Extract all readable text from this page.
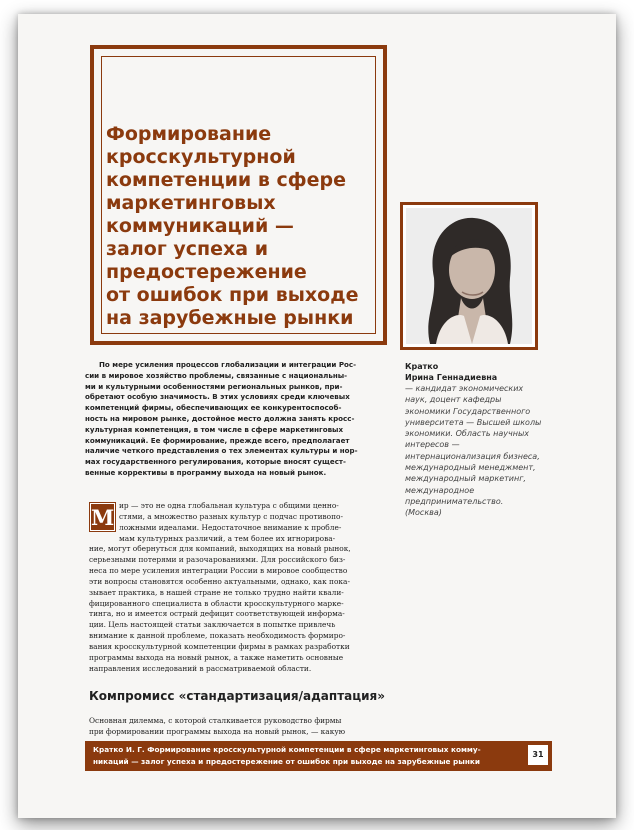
Формирование
кросскультурной
компетенции в сфере
маркетинговых
коммуникаций —
залог успеха и
предостережение
от ошибок при выходе
на зарубежные рынки
По мере усиления процессов глобализации и интеграции Рос-
сии в мировое хозяйство проблемы, связанные с национальны-
ми и культурными особенностями региональных рынков, при-
обретают особую значимость. В этих условиях среди ключевых
компетенций фирмы, обеспечивающих ее конкурентоспособ-
ность на мировом рынке, достойное место должна занять кросс-
культурная компетенция, в том числе в сфере маркетинговых
коммуникаций. Ее формирование, прежде всего, предполагает
наличие четкого представления о тех элементах культуры и нор-
мах государственного регулирования, которые вносят сущест-
венные коррективы в программу выхода на новый рынок.
Кратко
Ирина Геннадиевна
— кандидат экономических
наук, доцент кафедры
экономики Государственного
университета — Высшей школы
экономики. Область научных
интересов —
интернационализация бизнеса,
международный менеджмент,
международный маркетинг,
международное
предпринимательство.
(Москва)
М ир — это не одна глобальная культура с общими ценно-
стями, а множество разных культур с подчас противопо-
ложными идеалами. Недостаточное внимание к пробле-
мам культурных различий, а тем более их игнорирова-
ние, могут обернуться для компаний, выходящих на новый рынок,
серьезными потерями и разочарованиями. Для российского биз-
неса по мере усиления интеграции России в мировое сообщество
эти вопросы становятся особенно актуальными, однако, как пока-
зывает практика, в нашей стране не только трудно найти квали-
фицированного специалиста в области кросскультурного марке-
тинга, но и имеется острый дефицит соответствующей информа-
ции. Цель настоящей статьи заключается в попытке привлечь
внимание к данной проблеме, показать необходимость формиро-
вания кросскультурной компетенции фирмы в рамках разработки
программы выхода на новый рынок, а также наметить основные
направления исследований в рассматриваемой области.
Компромисс «стандартизация/адаптация»
Основная дилемма, с которой сталкивается руководство фирмы
при формировании программы выхода на новый рынок, — какую
Кратко И. Г. Формирование кросскультурной компетенции в сфере маркетинговых комму-
никаций — залог успеха и предостережение от ошибок при выходе на зарубежные рынки
31
